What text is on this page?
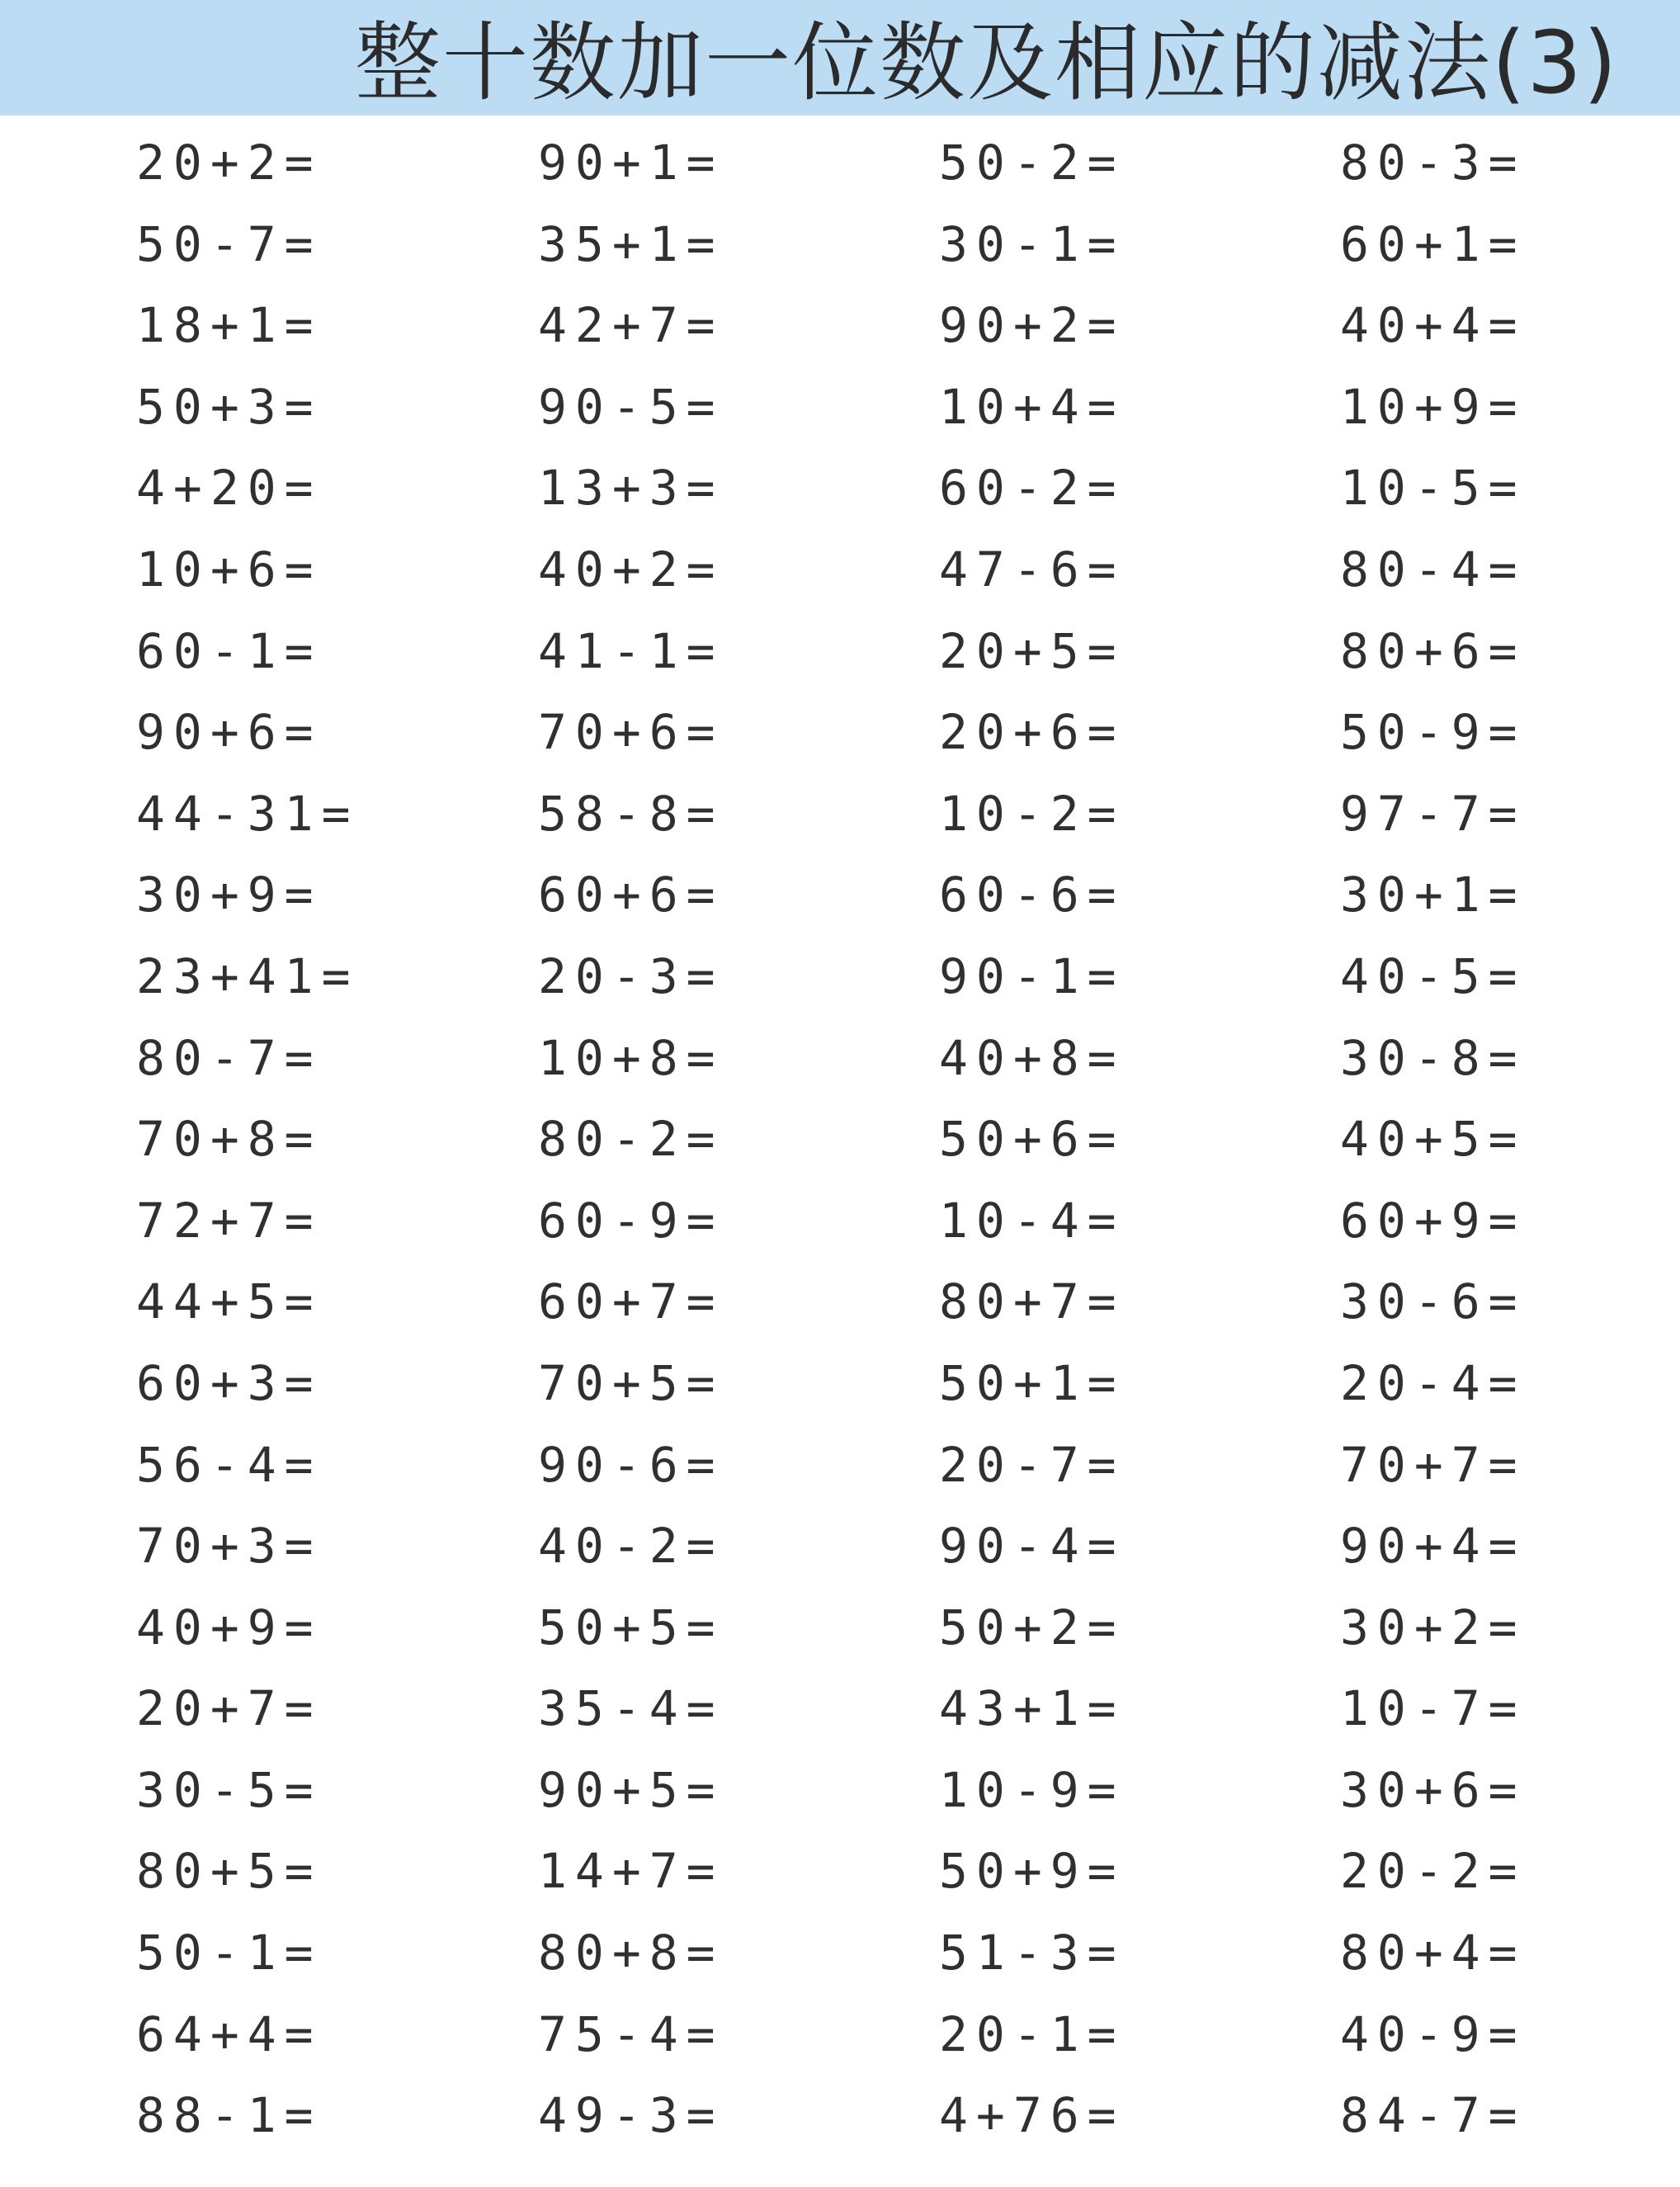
整十数加一位数及相应的减法(3)
20+2=
50-7=
18+1=
50+3=
4+20=
10+6=
60-1=
90+6=
44-31=
30+9=
23+41=
80-7=
70+8=
72+7=
44+5=
60+3=
56-4=
70+3=
40+9=
20+7=
30-5=
80+5=
50-1=
64+4=
88-1=
90+1=
35+1=
42+7=
90-5=
13+3=
40+2=
41-1=
70+6=
58-8=
60+6=
20-3=
10+8=
80-2=
60-9=
60+7=
70+5=
90-6=
40-2=
50+5=
35-4=
90+5=
14+7=
80+8=
75-4=
49-3=
50-2=
30-1=
90+2=
10+4=
60-2=
47-6=
20+5=
20+6=
10-2=
60-6=
90-1=
40+8=
50+6=
10-4=
80+7=
50+1=
20-7=
90-4=
50+2=
43+1=
10-9=
50+9=
51-3=
20-1=
4+76=
80-3=
60+1=
40+4=
10+9=
10-5=
80-4=
80+6=
50-9=
97-7=
30+1=
40-5=
30-8=
40+5=
60+9=
30-6=
20-4=
70+7=
90+4=
30+2=
10-7=
30+6=
20-2=
80+4=
40-9=
84-7=
